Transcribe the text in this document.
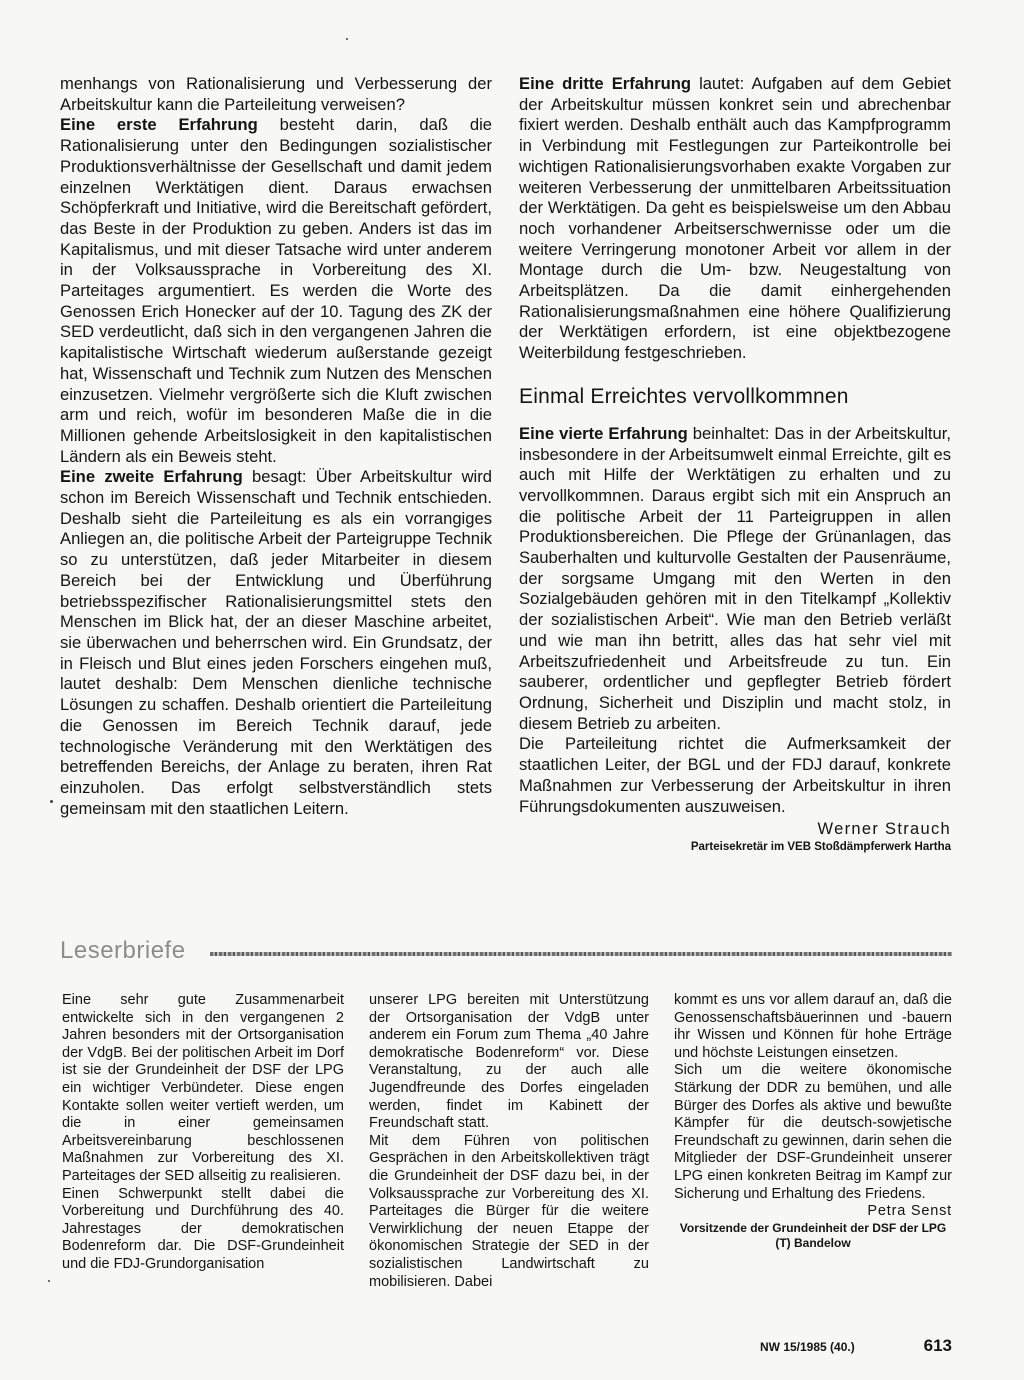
menhangs von Rationalisierung und Verbesserung der Arbeitskultur kann die Parteileitung verweisen?

Eine erste Erfahrung besteht darin, daß die Rationalisierung unter den Bedingungen sozialistischer Produktionsverhältnisse der Gesellschaft und damit jedem einzelnen Werktätigen dient. Daraus erwachsen Schöpferkraft und Initiative, wird die Bereitschaft gefördert, das Beste in der Produktion zu geben. Anders ist das im Kapitalismus, und mit dieser Tatsache wird unter anderem in der Volksaussprache in Vorbereitung des XI. Parteitages argumentiert. Es werden die Worte des Genossen Erich Honecker auf der 10. Tagung des ZK der SED verdeutlicht, daß sich in den vergangenen Jahren die kapitalistische Wirtschaft wiederum außerstande gezeigt hat, Wissenschaft und Technik zum Nutzen des Menschen einzusetzen. Vielmehr vergrößerte sich die Kluft zwischen arm und reich, wofür im besonderen Maße die in die Millionen gehende Arbeitslosigkeit in den kapitalistischen Ländern als ein Beweis steht.

Eine zweite Erfahrung besagt: Über Arbeitskultur wird schon im Bereich Wissenschaft und Technik entschieden. Deshalb sieht die Parteileitung es als ein vorrangiges Anliegen an, die politische Arbeit der Parteigruppe Technik so zu unterstützen, daß jeder Mitarbeiter in diesem Bereich bei der Entwicklung und Überführung betriebsspezifischer Rationalisierungsmittel stets den Menschen im Blick hat, der an dieser Maschine arbeitet, sie überwachen und beherrschen wird. Ein Grundsatz, der in Fleisch und Blut eines jeden Forschers eingehen muß, lautet deshalb: Dem Menschen dienliche technische Lösungen zu schaffen. Deshalb orientiert die Parteileitung die Genossen im Bereich Technik darauf, jede technologische Veränderung mit den Werktätigen des betreffenden Bereichs, der Anlage zu beraten, ihren Rat einzuholen. Das erfolgt selbstverständlich stets gemeinsam mit den staatlichen Leitern.

Eine dritte Erfahrung lautet: Aufgaben auf dem Gebiet der Arbeitskultur müssen konkret sein und abrechenbar fixiert werden. Deshalb enthält auch das Kampfprogramm in Verbindung mit Festlegungen zur Parteikontrolle bei wichtigen Rationalisierungsvorhaben exakte Vorgaben zur weiteren Verbesserung der unmittelbaren Arbeitssituation der Werktätigen. Da geht es beispielsweise um den Abbau noch vorhandener Arbeitserschwernisse oder um die weitere Verringerung monotoner Arbeit vor allem in der Montage durch die Um- bzw. Neugestaltung von Arbeitsplätzen. Da die damit einhergehenden Rationalisierungsmaßnahmen eine höhere Qualifizierung der Werktätigen erfordern, ist eine objektbezogene Weiterbildung festgeschrieben.

Einmal Erreichtes vervollkommnen

Eine vierte Erfahrung beinhaltet: Das in der Arbeitskultur, insbesondere in der Arbeitsumwelt einmal Erreichte, gilt es auch mit Hilfe der Werktätigen zu erhalten und zu vervollkommnen. Daraus ergibt sich mit ein Anspruch an die politische Arbeit der 11 Parteigruppen in allen Produktionsbereichen. Die Pflege der Grünanlagen, das Sauberhalten und kulturvolle Gestalten der Pausenräume, der sorgsame Umgang mit den Werten in den Sozialgebäuden gehören mit in den Titelkampf „Kollektiv der sozialistischen Arbeit“. Wie man den Betrieb verläßt und wie man ihn betritt, alles das hat sehr viel mit Arbeitszufriedenheit und Arbeitsfreude zu tun. Ein sauberer, ordentlicher und gepflegter Betrieb fördert Ordnung, Sicherheit und Disziplin und macht stolz, in diesem Betrieb zu arbeiten.

Die Parteileitung richtet die Aufmerksamkeit der staatlichen Leiter, der BGL und der FDJ darauf, konkrete Maßnahmen zur Verbesserung der Arbeitskultur in ihren Führungsdokumenten auszuweisen.

Werner Strauch
Parteisekretär im VEB Stoßdämpferwerk Hartha
Leserbriefe

Eine sehr gute Zusammenarbeit entwickelte sich in den vergangenen 2 Jahren besonders mit der Ortsorganisation der VdgB. Bei der politischen Arbeit im Dorf ist sie der Grundeinheit der DSF der LPG ein wichtiger Verbündeter. Diese engen Kontakte sollen weiter vertieft werden, um die in einer gemeinsamen Arbeitsvereinbarung beschlossenen Maßnahmen zur Vorbereitung des XI. Parteitages der SED allseitig zu realisieren.

Einen Schwerpunkt stellt dabei die Vorbereitung und Durchführung des 40. Jahrestages der demokratischen Bodenreform dar. Die DSF-Grundeinheit und die FDJ-Grundorganisation

unserer LPG bereiten mit Unterstützung der Ortsorganisation der VdgB unter anderem ein Forum zum Thema „40 Jahre demokratische Bodenreform“ vor. Diese Veranstaltung, zu der auch alle Jugendfreunde des Dorfes eingeladen werden, findet im Kabinett der Freundschaft statt.

Mit dem Führen von politischen Gesprächen in den Arbeitskollektiven trägt die Grundeinheit der DSF dazu bei, in der Volksaussprache zur Vorbereitung des XI. Parteitages die Bürger für die weitere Verwirklichung der neuen Etappe der ökonomischen Strategie der SED in der sozialistischen Landwirtschaft zu mobilisieren. Dabei

kommt es uns vor allem darauf an, daß die Genossenschaftsbäuerinnen und -bauern ihr Wissen und Können für hohe Erträge und höchste Leistungen einsetzen.

Sich um die weitere ökonomische Stärkung der DDR zu bemühen, und alle Bürger des Dorfes als aktive und bewußte Kämpfer für die deutsch-sowjetische Freundschaft zu gewinnen, darin sehen die Mitglieder der DSF-Grundeinheit unserer LPG einen konkreten Beitrag im Kampf zur Sicherung und Erhaltung des Friedens.

Petra Senst
Vorsitzende der Grundeinheit der DSF der LPG (T) Bandelow
NW 15/1985 (40.)	613
